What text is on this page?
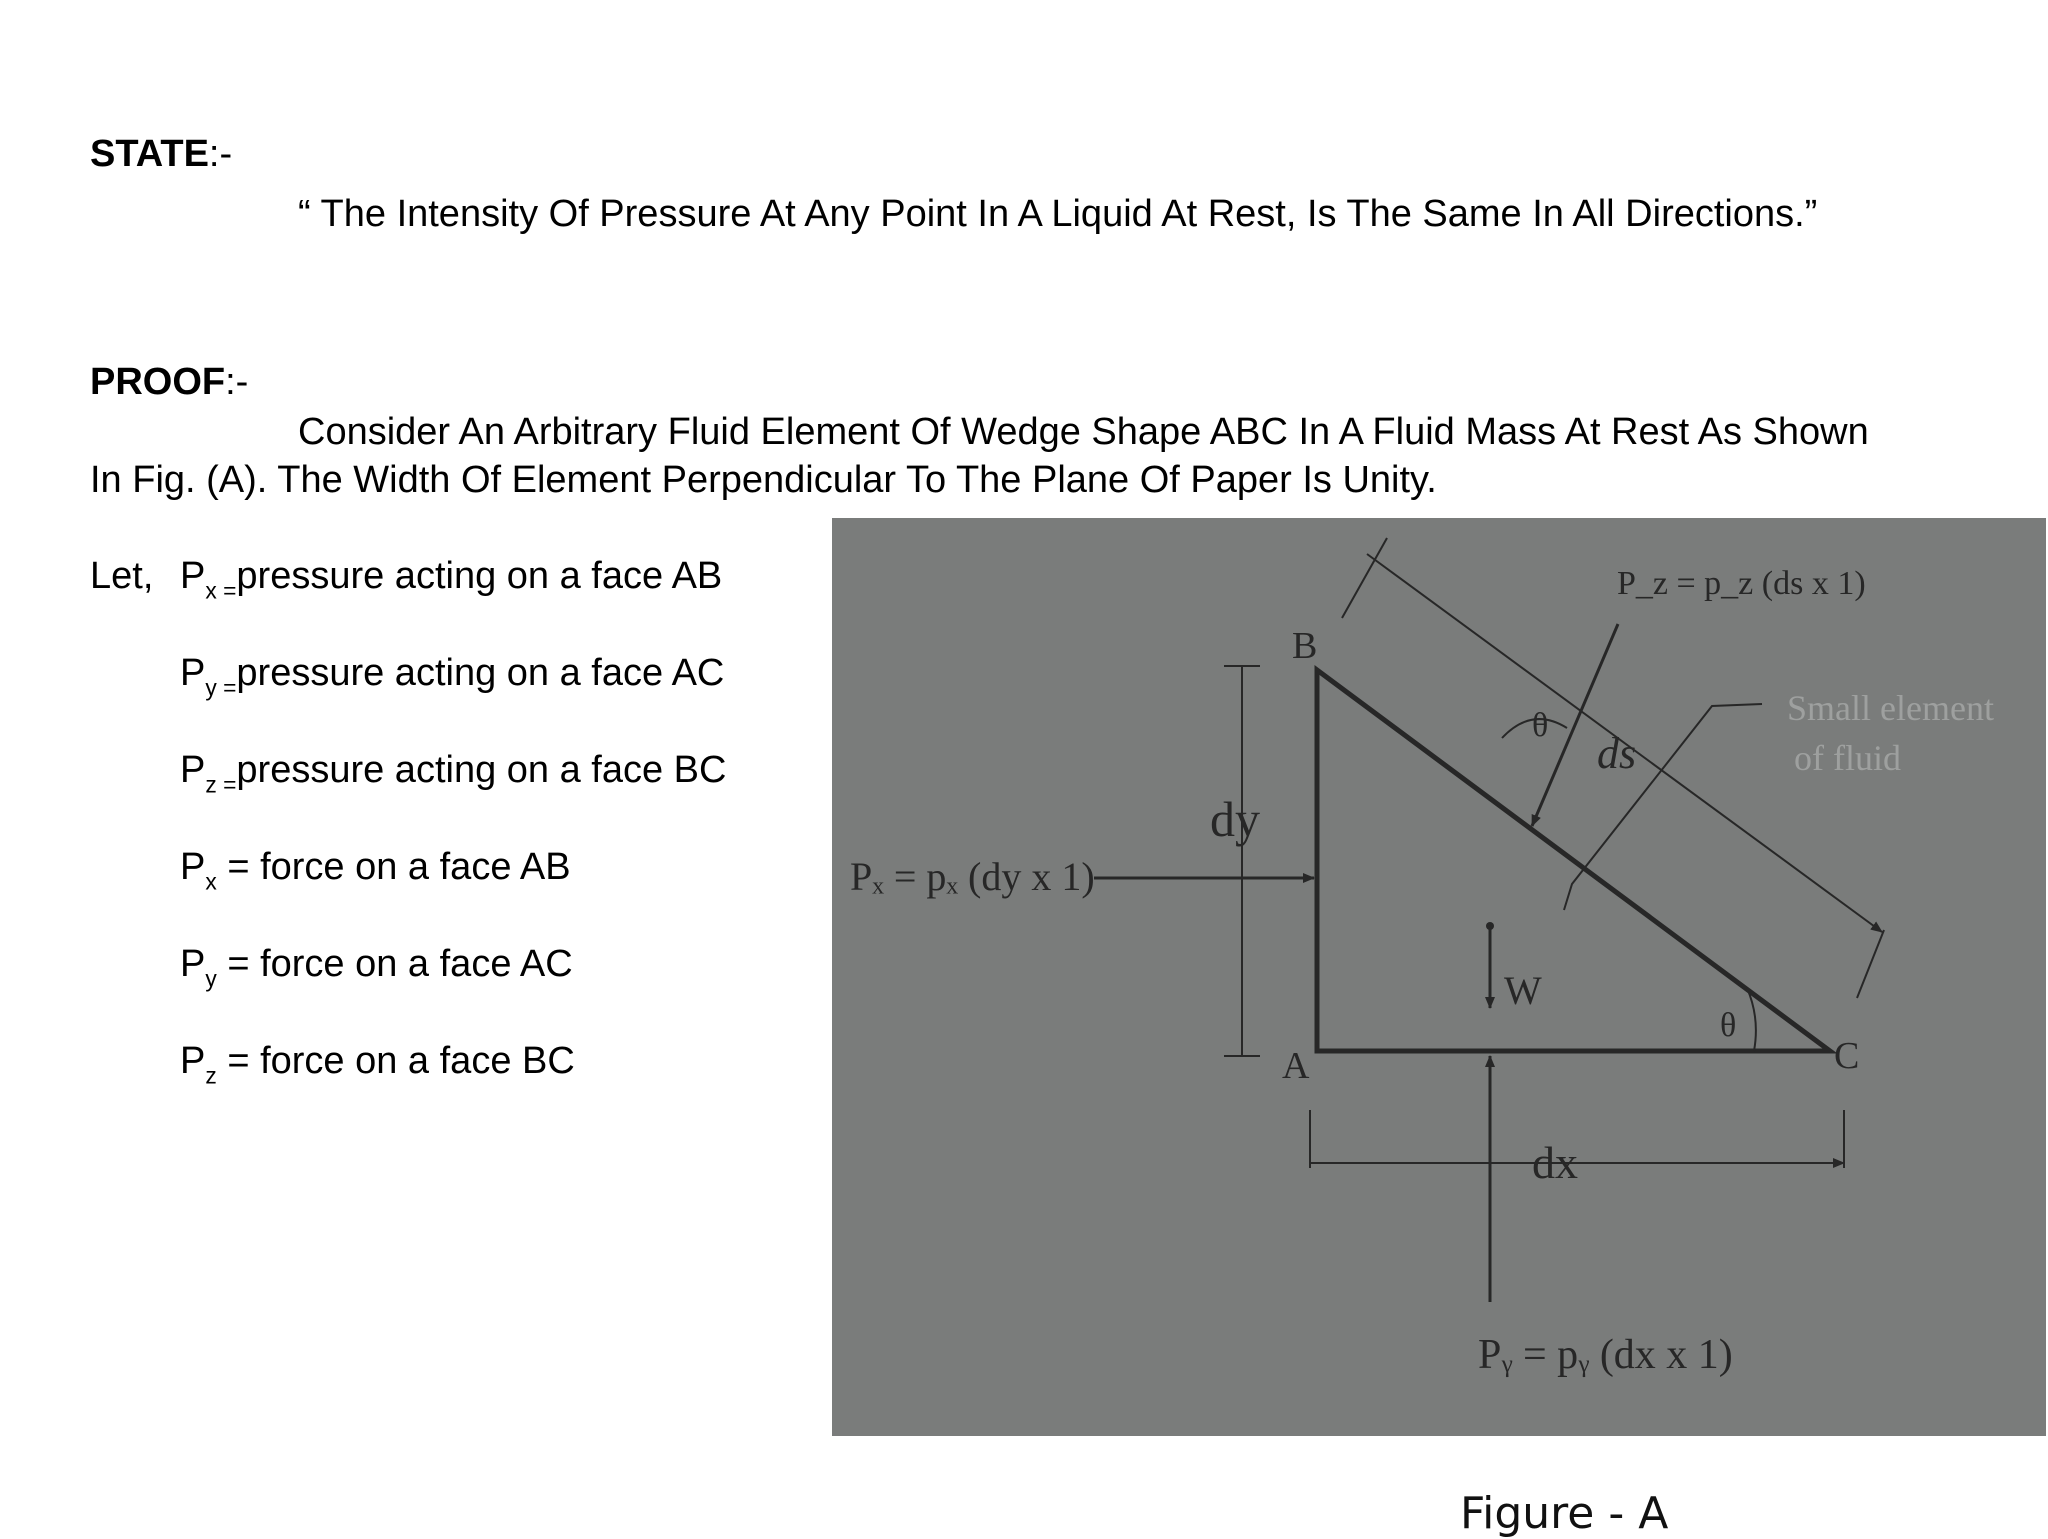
STATE:-
“ The Intensity Of Pressure At Any Point In A Liquid At Rest, Is The Same In All Directions.”
PROOF:-
Consider An Arbitrary Fluid Element Of Wedge Shape ABC In A Fluid Mass At Rest As Shown
In Fig. (A). The Width Of Element Perpendicular To The Plane Of Paper Is Unity.
Let, $P_{x =}pressure$ acting on a face AB
$P_{y =}pressure$ acting on a face AC
$P_{z =}pressure$ acting on a face BC
$P_x$ = force on a face AB
$P_y$ = force on a face AC
$P_z$ = force on a face BC	A
B
C
dy
dx
ds
θ
θ
W
Pₓ = pₓ (dy x 1)
Pᵧ = pᵧ (dx x 1)
P_z = p_z (ds x 1)
Small element
of fluid
Figure - A
